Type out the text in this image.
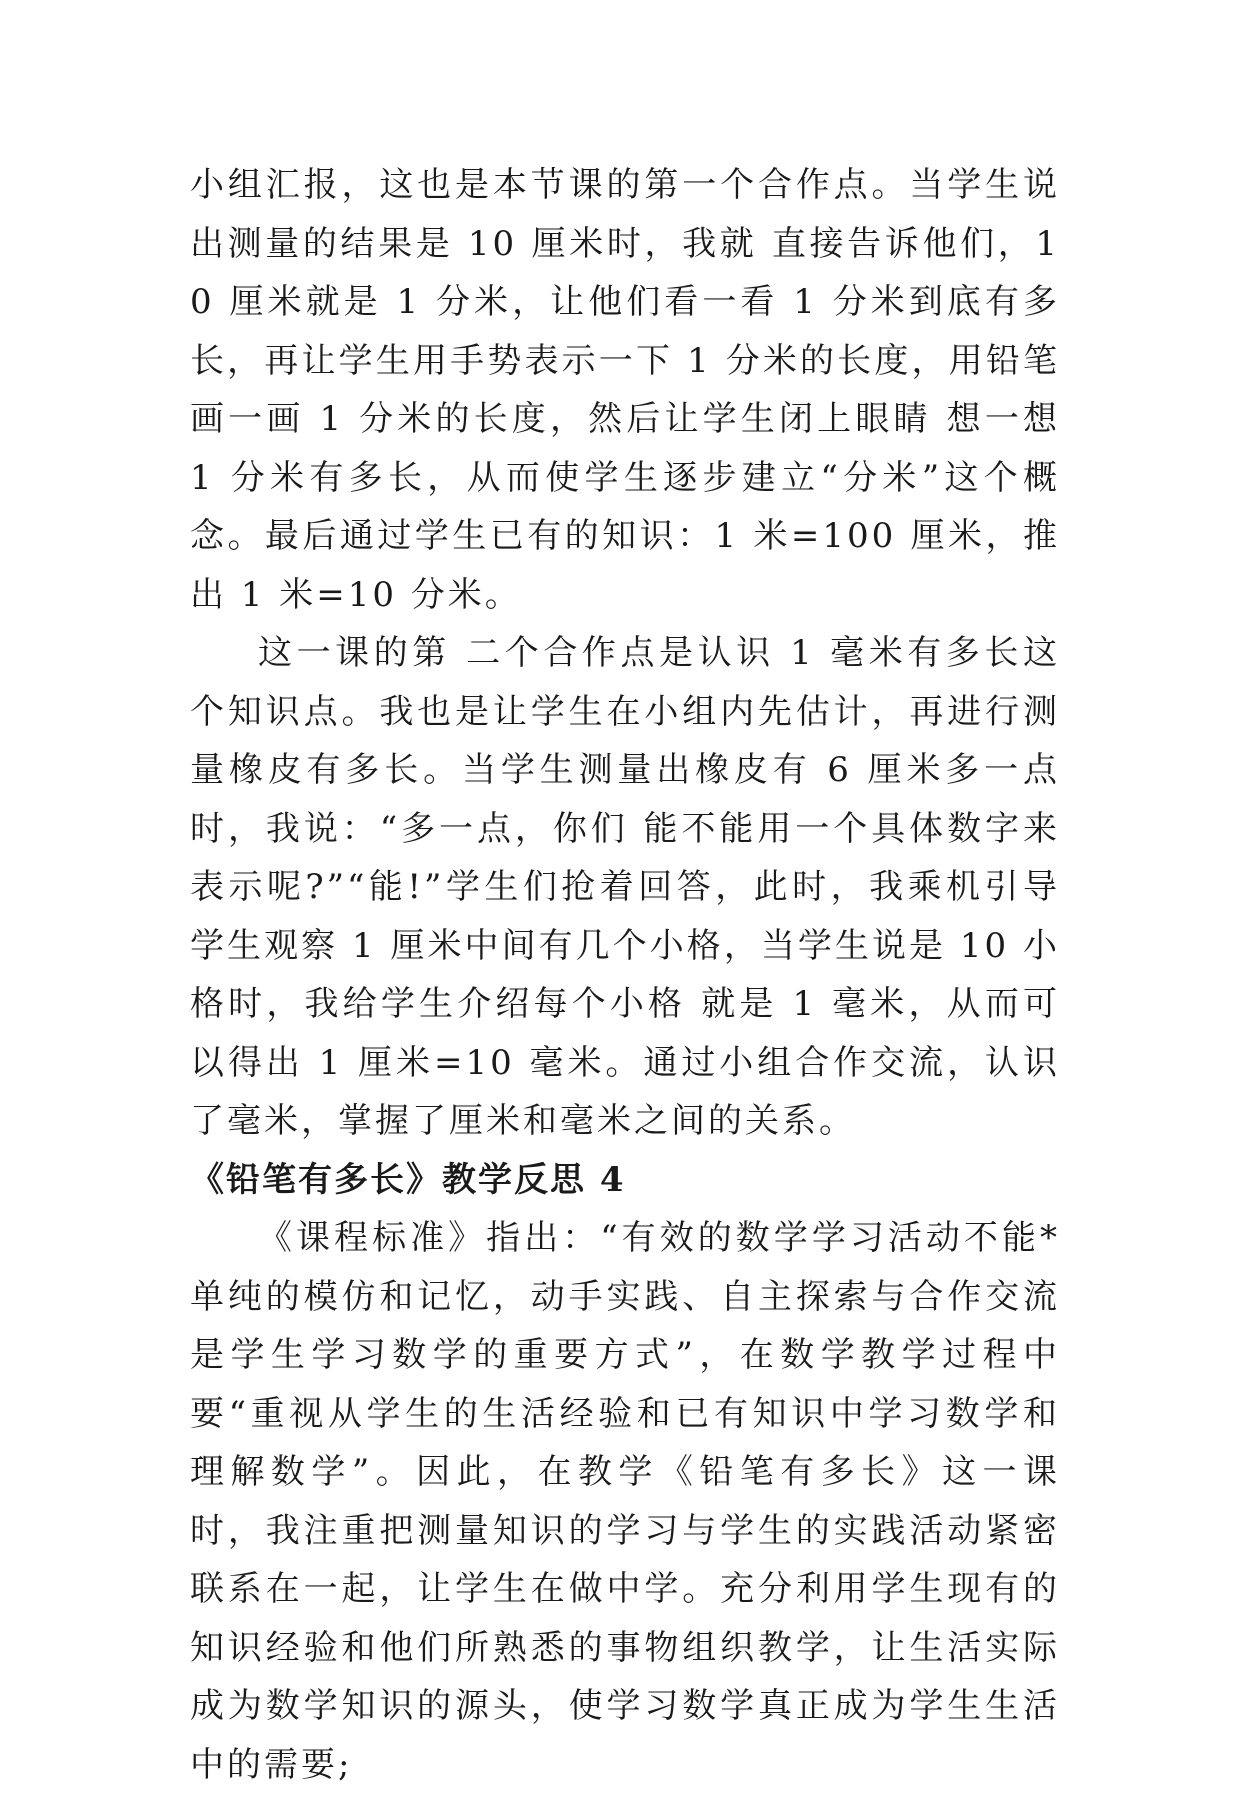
小组汇报，这也是本节课的第一个合作点。当学生说出测量的结果是 10 厘米时，我就 直接告诉他们，10 厘米就是 1 分米，让他们看一看 1 分米到底有多长，再让学生用手势表示一下 1 分米的长度，用铅笔画一画 1 分米的长度，然后让学生闭上眼睛 想一想 1 分米有多长，从而使学生逐步建立“分米”这个概念。最后通过学生已有的知识：1 米=100 厘米，推出 1 米=10 分米。

这一课的第 二个合作点是认识 1 毫米有多长这个知识点。我也是让学生在小组内先估计，再进行测量橡皮有多长。当学生测量出橡皮有 6 厘米多一点时，我说：“多一点，你们 能不能用一个具体数字来表示呢?”“能!”学生们抢着回答，此时，我乘机引导学生观察 1 厘米中间有几个小格，当学生说是 10 小格时，我给学生介绍每个小格 就是 1 毫米，从而可以得出 1 厘米=10 毫米。通过小组合作交流，认识了毫米，掌握了厘米和毫米之间的关系。

《铅笔有多长》教学反思 4

《课程标准》指出：“有效的数学学习活动不能*单纯的模仿和记忆，动手实践、自主探索与合作交流是学生学习数学的重要方式”，在数学教学过程中要“重视从学生的生活经验和已有知识中学习数学和理解数学”。因此，在教学《铅笔有多长》这一课时，我注重把测量知识的学习与学生的实践活动紧密联系在一起，让学生在做中学。充分利用学生现有的知识经验和他们所熟悉的事物组织教学，让生活实际成为数学知识的源头，使学习数学真正成为学生生活中的需要;
